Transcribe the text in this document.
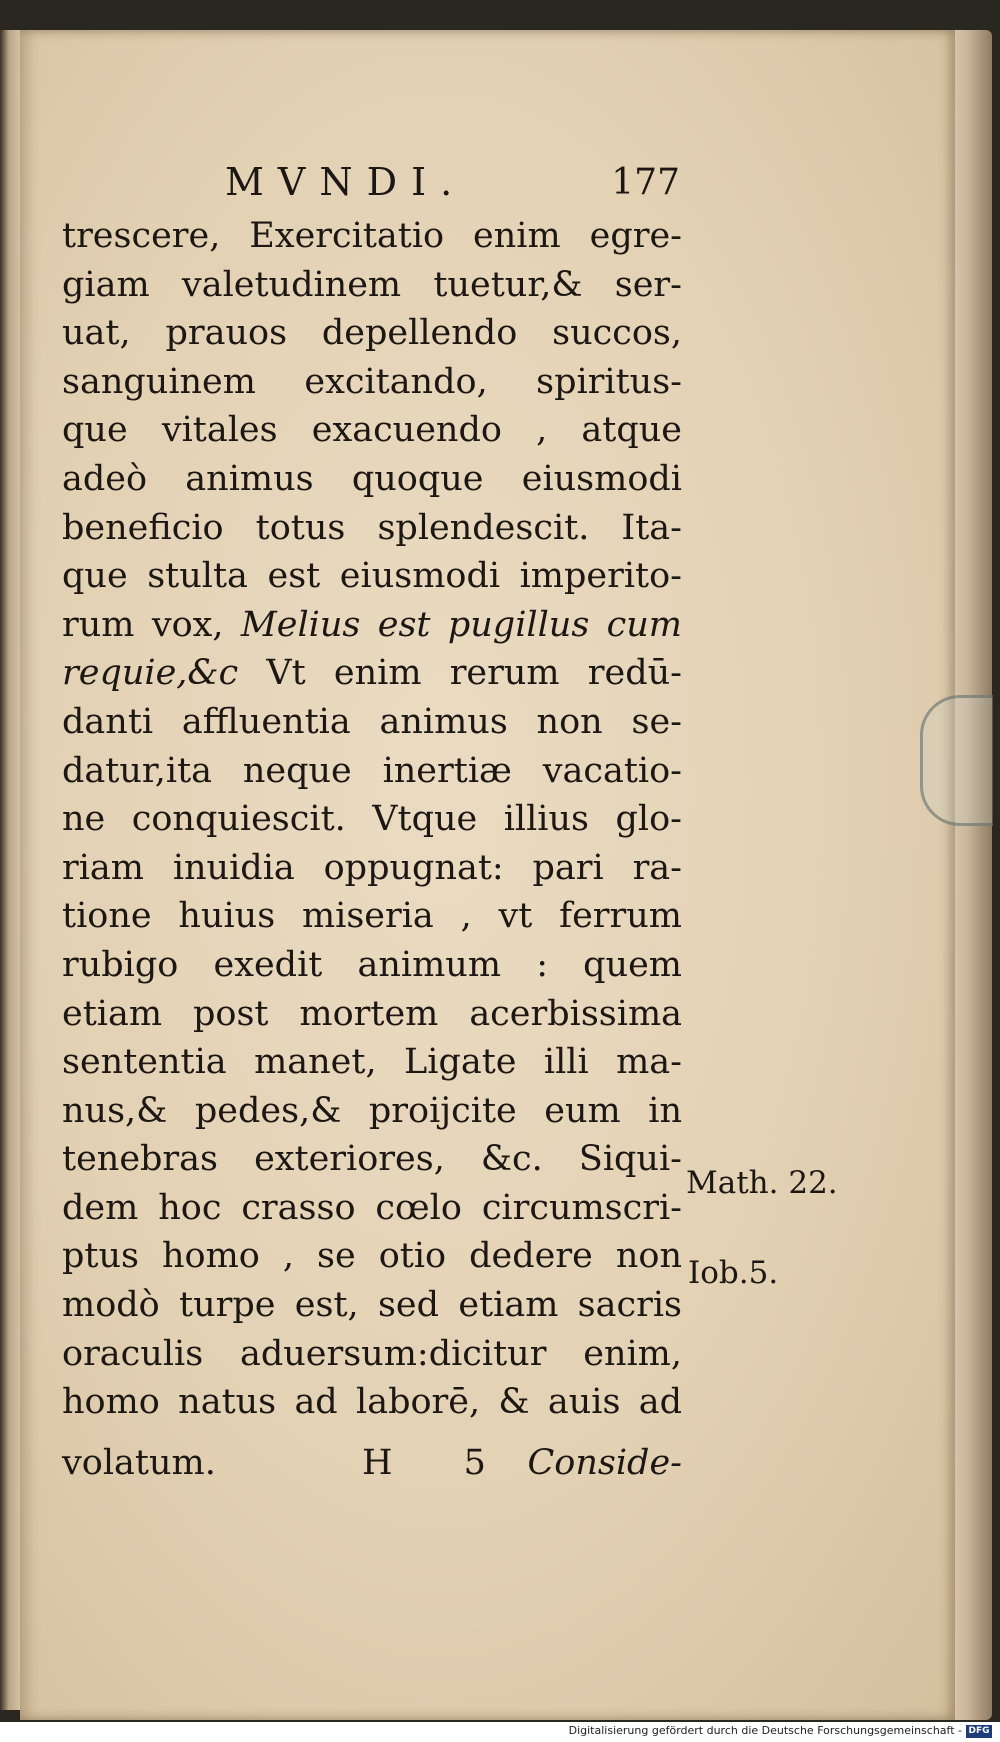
MVNDI.	177
trescere, Exercitatio enim egre-
giam valetudinem tuetur,& ser-
uat, prauos depellendo succos,
sanguinem excitando, spiritus-
que vitales exacuendo , atque
adeò animus quoque eiusmodi
beneficio totus splendescit. Ita-
que stulta est eiusmodi imperito-
rum vox, Melius est pugillus cum
requie,&c Vt enim rerum redū-
danti affluentia animus non se-
datur,ita neque inertiæ vacatio-
ne conquiescit. Vtque illius glo-
riam inuidia oppugnat: pari ra-
tione huius miseria , vt ferrum
rubigo exedit animum : quem
etiam post mortem acerbissima
sententia manet, Ligate illi ma-
nus,& pedes,& proijcite eum in
tenebras exteriores, &c. Siqui-
dem hoc crasso cœlo circumscri-
ptus homo , se otio dedere non
modò turpe est, sed etiam sacris
oraculis aduersum:dicitur enim,
homo natus ad laborē, & auis ad
volatum.	H 5 Conside-
Math. 22.
Iob.5.
Digitalisierung gefördert durch die Deutsche Forschungsgemeinschaft - DFG
